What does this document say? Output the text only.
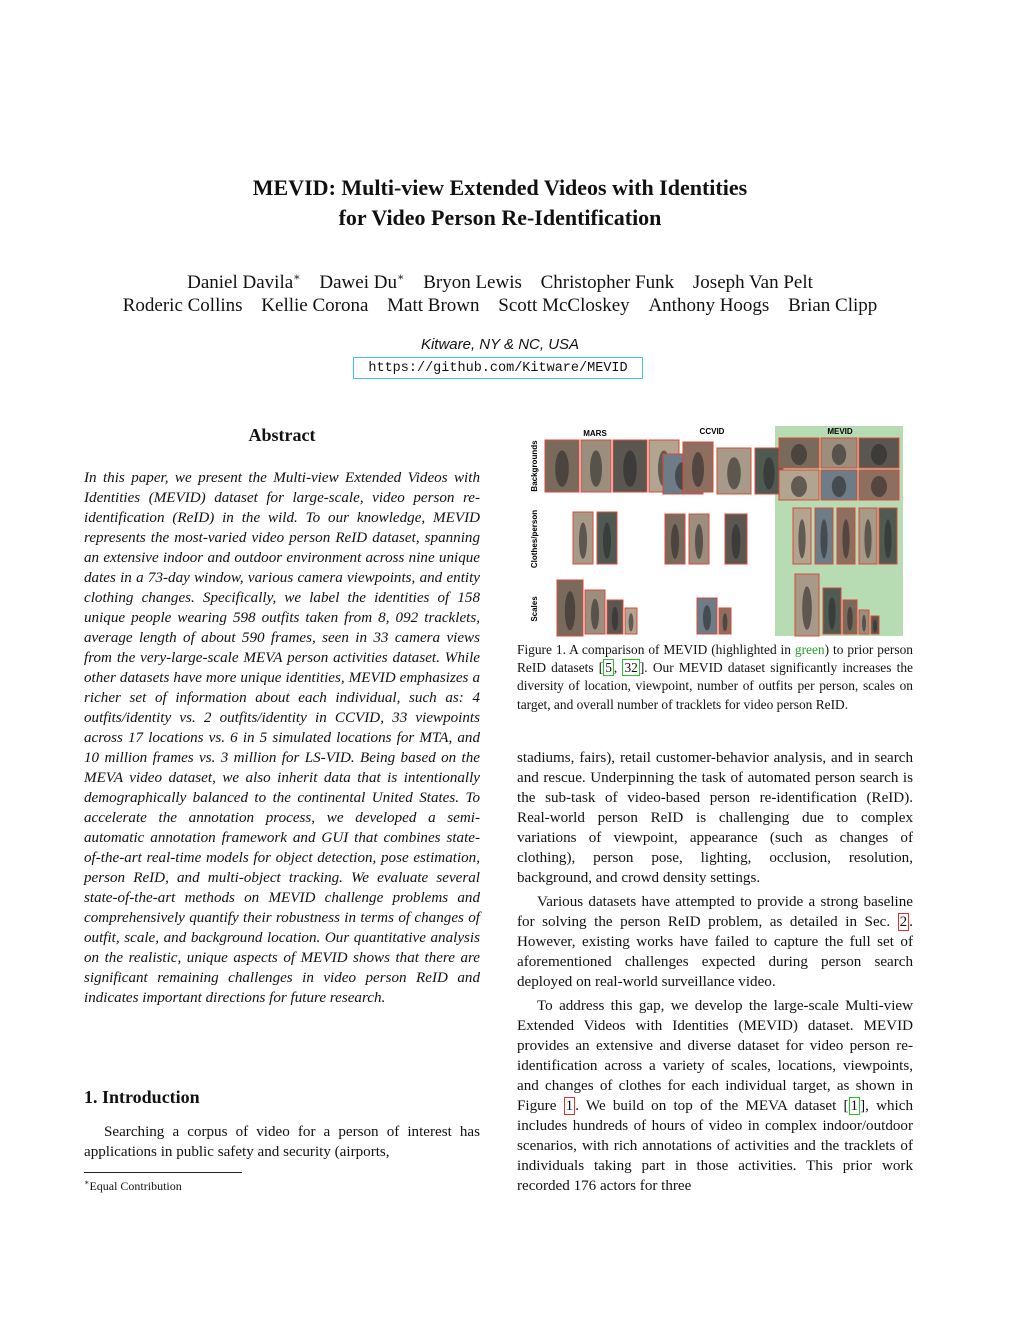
MEVID: Multi-view Extended Videos with Identities
for Video Person Re-Identification
Daniel Davila∗ Dawei Du∗ Bryon Lewis Christopher Funk Joseph Van Pelt
Roderic Collins Kellie Corona Matt Brown Scott McCloskey Anthony Hoogs Brian Clipp
Kitware, NY & NC, USA
https://github.com/Kitware/MEVID
Abstract
In this paper, we present the Multi-view Extended Videos with Identities (MEVID) dataset for large-scale, video person re-identification (ReID) in the wild. To our knowledge, MEVID represents the most-varied video person ReID dataset, spanning an extensive indoor and outdoor environment across nine unique dates in a 73-day window, various camera viewpoints, and entity clothing changes. Specifically, we label the identities of 158 unique people wearing 598 outfits taken from 8, 092 tracklets, average length of about 590 frames, seen in 33 camera views from the very-large-scale MEVA person activities dataset. While other datasets have more unique identities, MEVID emphasizes a richer set of information about each individual, such as: 4 outfits/identity vs. 2 outfits/identity in CCVID, 33 viewpoints across 17 locations vs. 6 in 5 simulated locations for MTA, and 10 million frames vs. 3 million for LS-VID. Being based on the MEVA video dataset, we also inherit data that is intentionally demographically balanced to the continental United States. To accelerate the annotation process, we developed a semi-automatic annotation framework and GUI that combines state-of-the-art real-time models for object detection, pose estimation, person ReID, and multi-object tracking. We evaluate several state-of-the-art methods on MEVID challenge problems and comprehensively quantify their robustness in terms of changes of outfit, scale, and background location. Our quantitative analysis on the realistic, unique aspects of MEVID shows that there are significant remaining challenges in video person ReID and indicates important directions for future research.
1. Introduction
Searching a corpus of video for a person of interest has applications in public safety and security (airports,
∗Equal Contribution
MARS	CCVID	MEVID
Backgrounds
Clothes/person
Scales
Figure 1. A comparison of MEVID (highlighted in green) to prior person ReID datasets [ 5 , 32 ]. Our MEVID dataset significantly increases the diversity of location, viewpoint, number of outfits per person, scales on target, and overall number of tracklets for video person ReID.

stadiums, fairs), retail customer-behavior analysis, and in search and rescue. Underpinning the task of automated person search is the sub-task of video-based person re-identification (ReID). Real-world person ReID is challenging due to complex variations of viewpoint, appearance (such as changes of clothing), person pose, lighting, occlusion, resolution, background, and crowd density settings.

Various datasets have attempted to provide a strong baseline for solving the person ReID problem, as detailed in Sec. 2 . However, existing works have failed to capture the full set of aforementioned challenges expected during person search deployed on real-world surveillance video.

To address this gap, we develop the large-scale Multi-view Extended Videos with Identities (MEVID) dataset. MEVID provides an extensive and diverse dataset for video person re-identification across a variety of scales, locations, viewpoints, and changes of clothes for each individual target, as shown in Figure 1 . We build on top of the MEVA dataset [ 1 ], which includes hundreds of hours of video in complex indoor/outdoor scenarios, with rich annotations of activities and the tracklets of individuals taking part in those activities. This prior work recorded 176 actors for three
